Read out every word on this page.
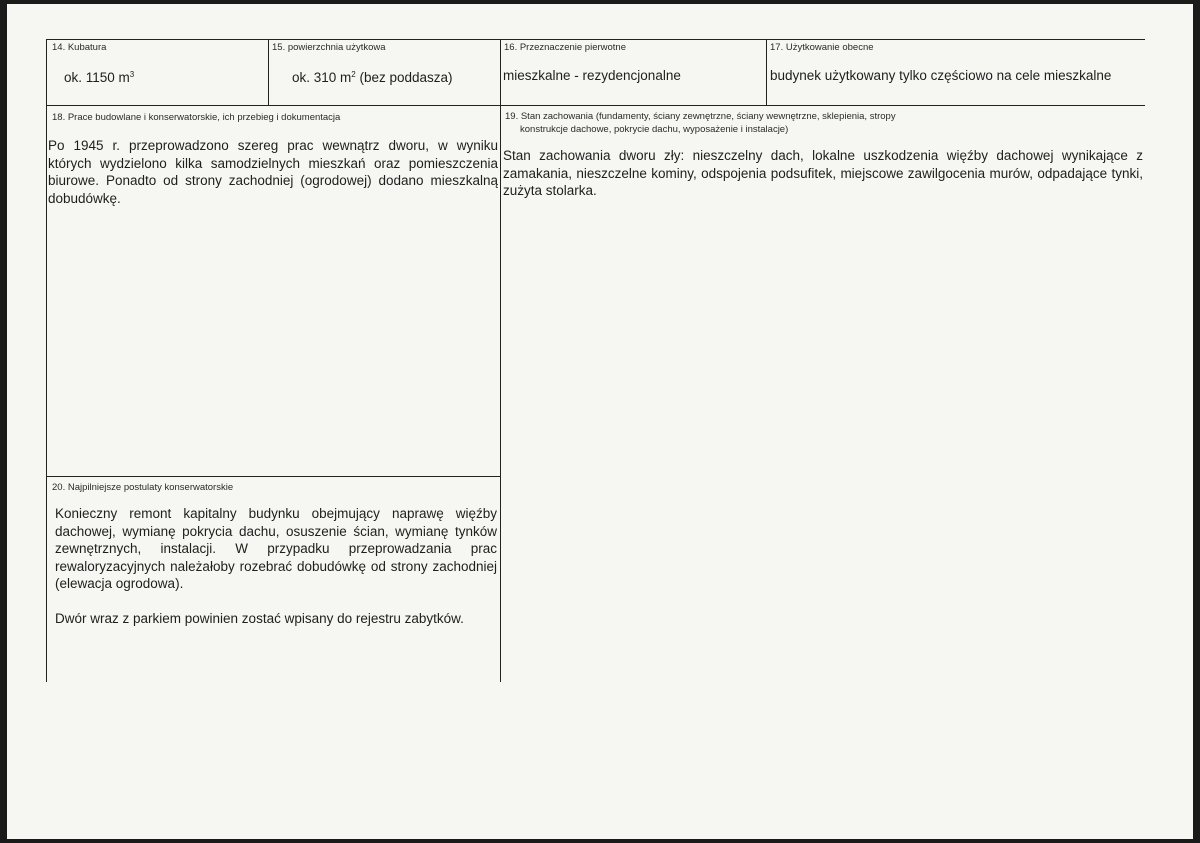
14. Kubatura
ok. 1150 $m^3$
15. powierzchnia użytkowa
ok. 310 $m^2$ (bez poddasza)
16. Przeznaczenie pierwotne
mieszkalne - rezydencjonalne
17. Użytkowanie obecne
budynek użytkowany tylko częściowo na cele mieszkalne
18. Prace budowlane i konserwatorskie, ich przebieg i dokumentacja
Po 1945 r. przeprowadzono szereg prac wewnątrz dworu, w wyniku których wydzielono kilka samodzielnych mieszkań oraz pomieszczenia biurowe. Ponadto od strony zachodniej (ogrodowej) dodano mieszkalną dobudówkę.
19. Stan zachowania (fundamenty, ściany zewnętrzne, ściany wewnętrzne, sklepienia, stropy
konstrukcje dachowe, pokrycie dachu, wyposażenie i instalacje)
Stan zachowania dworu zły: nieszczelny dach, lokalne uszkodzenia więźby dachowej wynikające z zamakania, nieszczelne kominy, odspojenia podsufitek, miejscowe zawilgocenia murów, odpadające tynki, zużyta stolarka.
20. Najpilniejsze postulaty konserwatorskie

Konieczny remont kapitalny budynku obejmujący naprawę więźby dachowej, wymianę pokrycia dachu, osuszenie ścian, wymianę tynków zewnętrznych, instalacji. W przypadku przeprowadzania prac rewaloryzacyjnych należałoby rozebrać dobudówkę od strony zachodniej (elewacja ogrodowa).

Dwór wraz z parkiem powinien zostać wpisany do rejestru zabytków.
